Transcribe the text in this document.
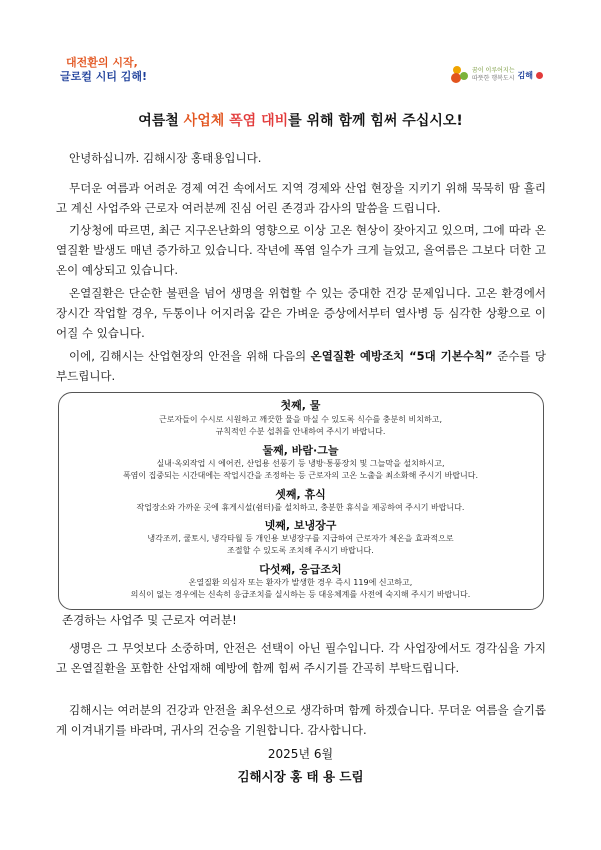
대전환의 시작,
글로컬 시티 김해!	꿈이 이루어지는
따뜻한 행복도시 김해
여름철 사업체 폭염 대비를 위해 함께 힘써 주십시오!
안녕하십니까. 김해시장 홍태용입니다.
무더운 여름과 어려운 경제 여건 속에서도 지역 경제와 산업 현장을 지키기 위해 묵묵히 땀 흘리고 계신 사업주와 근로자 여러분께 진심 어린 존경과 감사의 말씀을 드립니다.
기상청에 따르면, 최근 지구온난화의 영향으로 이상 고온 현상이 잦아지고 있으며, 그에 따라 온열질환 발생도 매년 증가하고 있습니다. 작년에 폭염 일수가 크게 늘었고, 올여름은 그보다 더한 고온이 예상되고 있습니다.
온열질환은 단순한 불편을 넘어 생명을 위협할 수 있는 중대한 건강 문제입니다. 고온 환경에서 장시간 작업할 경우, 두통이나 어지러움 같은 가벼운 증상에서부터 열사병 등 심각한 상황으로 이어질 수 있습니다.
이에, 김해시는 산업현장의 안전을 위해 다음의 온열질환 예방조치 “5대 기본수칙” 준수를 당부드립니다.
첫째, 물
근로자들이 수시로 시원하고 깨끗한 물을 마실 수 있도록 식수를 충분히 비치하고,
규칙적인 수분 섭취를 안내하여 주시기 바랍니다.
둘째, 바람·그늘
실내·옥외작업 시 에어컨, 산업용 선풍기 등 냉방·통풍장치 및 그늘막을 설치하시고,
폭염이 집중되는 시간대에는 작업시간을 조정하는 등 근로자의 고온 노출을 최소화해 주시기 바랍니다.
셋째, 휴식
작업장소와 가까운 곳에 휴게시설(쉼터)를 설치하고, 충분한 휴식을 제공하여 주시기 바랍니다.
넷째, 보냉장구
냉각조끼, 쿨토시, 냉각타월 등 개인용 보냉장구를 지급하여 근로자가 체온을 효과적으로
조절할 수 있도록 조치해 주시기 바랍니다.
다섯째, 응급조치
온열질환 의심자 또는 환자가 발생한 경우 즉시 119에 신고하고,
의식이 없는 경우에는 신속히 응급조치를 실시하는 등 대응체계를 사전에 숙지해 주시기 바랍니다.
존경하는 사업주 및 근로자 여러분!
생명은 그 무엇보다 소중하며, 안전은 선택이 아닌 필수입니다. 각 사업장에서도 경각심을 가지고 온열질환을 포함한 산업재해 예방에 함께 힘써 주시기를 간곡히 부탁드립니다.
김해시는 여러분의 건강과 안전을 최우선으로 생각하며 함께 하겠습니다. 무더운 여름을 슬기롭게 이겨내기를 바라며, 귀사의 건승을 기원합니다. 감사합니다.
2025년 6월
김해시장 홍 태 용 드림
